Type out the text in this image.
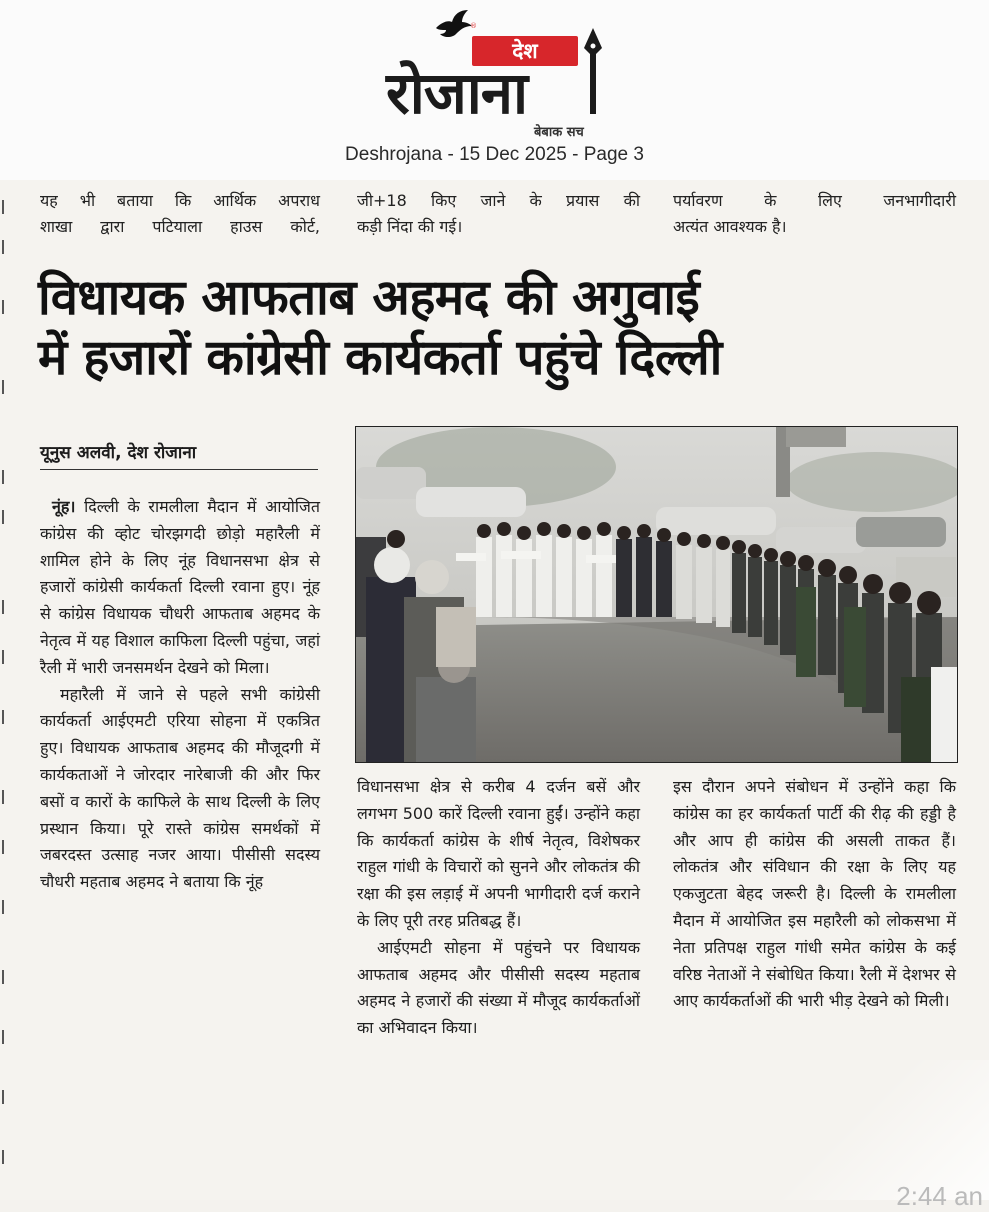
®
देश
रोजाना
बेबाक सच
Deshrojana - 15 Dec 2025 - Page 3
यह भी बताया कि आर्थिक अपराध
शाखा द्वारा पटियाला हाउस कोर्ट,
जी+18 किए जाने के प्रयास की
कड़ी निंदा की गई।
पर्यावरण के लिए जनभागीदारी
अत्यंत आवश्यक है।
विधायक आफताब अहमद की अगुवाई
में हजारों कांग्रेसी कार्यकर्ता पहुंचे दिल्ली
यूनुस अलवी, देश रोजाना

नूंह। दिल्ली के रामलीला मैदान में आयोजित कांग्रेस की व्होट चोरझगदी छोड़ो महारैली में शामिल होने के लिए नूंह विधानसभा क्षेत्र से हजारों कांग्रेसी कार्यकर्ता दिल्ली रवाना हुए। नूंह से कांग्रेस विधायक चौधरी आफताब अहमद के नेतृत्व में यह विशाल काफिला दिल्ली पहुंचा, जहां रैली में भारी जनसमर्थन देखने को मिला।

महारैली में जाने से पहले सभी कांग्रेसी कार्यकर्ता आईएमटी एरिया सोहना में एकत्रित हुए। विधायक आफताब अहमद की मौजूदगी में कार्यकताओं ने जोरदार नारेबाजी की और फिर बसों व कारों के काफिले के साथ दिल्ली के लिए प्रस्थान किया। पूरे रास्ते कांग्रेस समर्थकों में जबरदस्त उत्साह नजर आया। पीसीसी सदस्य चौधरी महताब अहमद ने बताया कि नूंह

विधानसभा क्षेत्र से करीब 4 दर्जन बसें और लगभग 500 कारें दिल्ली रवाना हुईं। उन्होंने कहा कि कार्यकर्ता कांग्रेस के शीर्ष नेतृत्व, विशेषकर राहुल गांधी के विचारों को सुनने और लोकतंत्र की रक्षा की इस लड़ाई में अपनी भागीदारी दर्ज कराने के लिए पूरी तरह प्रतिबद्ध हैं।

आईएमटी सोहना में पहुंचने पर विधायक आफताब अहमद और पीसीसी सदस्य महताब अहमद ने हजारों की संख्या में मौजूद कार्यकर्ताओं का अभिवादन किया।

इस दौरान अपने संबोधन में उन्होंने कहा कि कांग्रेस का हर कार्यकर्ता पार्टी की रीढ़ की हड्डी है और आप ही कांग्रेस की असली ताकत हैं। लोकतंत्र और संविधान की रक्षा के लिए यह एकजुटता बेहद जरूरी है। दिल्ली के रामलीला मैदान में आयोजित इस महारैली को लोकसभा में नेता प्रतिपक्ष राहुल गांधी समेत कांग्रेस के कई वरिष्ठ नेताओं ने संबोधित किया। रैली में देशभर से आए कार्यकर्ताओं की भारी भीड़ देखने को मिली।

2:44 an
